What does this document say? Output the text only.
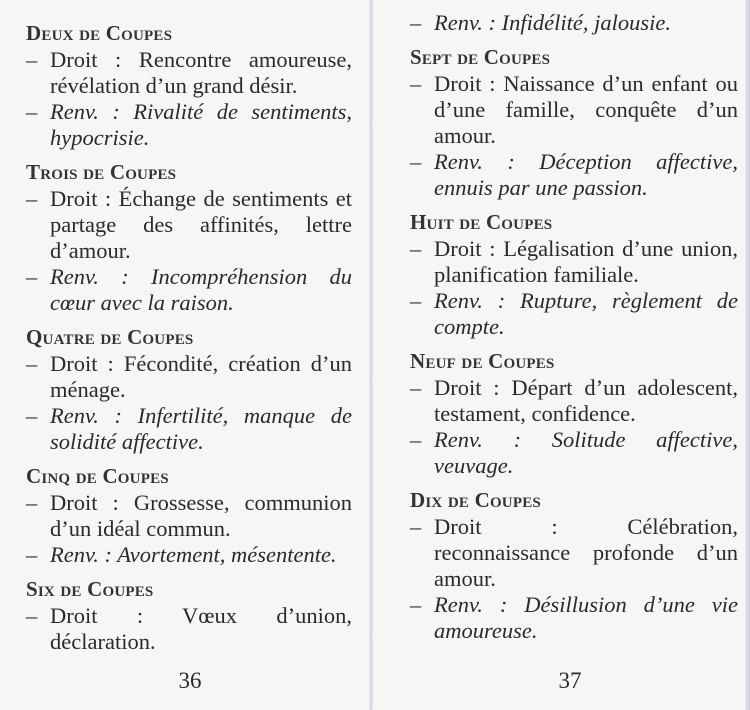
Deux de Coupes
– Droit : Rencontre amoureuse, révélation d’un grand désir.
– Renv. : Rivalité de sentiments, hypocrisie.
Trois de Coupes
– Droit : Échange de sentiments et partage des affinités, lettre d’amour.
– Renv. : Incompréhension du cœur avec la raison.
Quatre de Coupes
– Droit : Fécondité, création d’un ménage.
– Renv. : Infertilité, manque de solidité affective.
Cinq de Coupes
– Droit : Grossesse, communion d’un idéal commun.
– Renv. : Avortement, mésentente.
Six de Coupes
– Droit : Vœux d’union, déclaration.
36
– Renv. : Infidélité, jalousie.
Sept de Coupes
– Droit : Naissance d’un enfant ou d’une famille, conquête d’un amour.
– Renv. : Déception affective, ennuis par une passion.
Huit de Coupes
– Droit : Légalisation d’une union, planification familiale.
– Renv. : Rupture, règlement de compte.
Neuf de Coupes
– Droit : Départ d’un adolescent, testament, confidence.
– Renv. : Solitude affective, veuvage.
Dix de Coupes
– Droit : Célébration, reconnaissance profonde d’un amour.
– Renv. : Désillusion d’une vie amoureuse.
37
